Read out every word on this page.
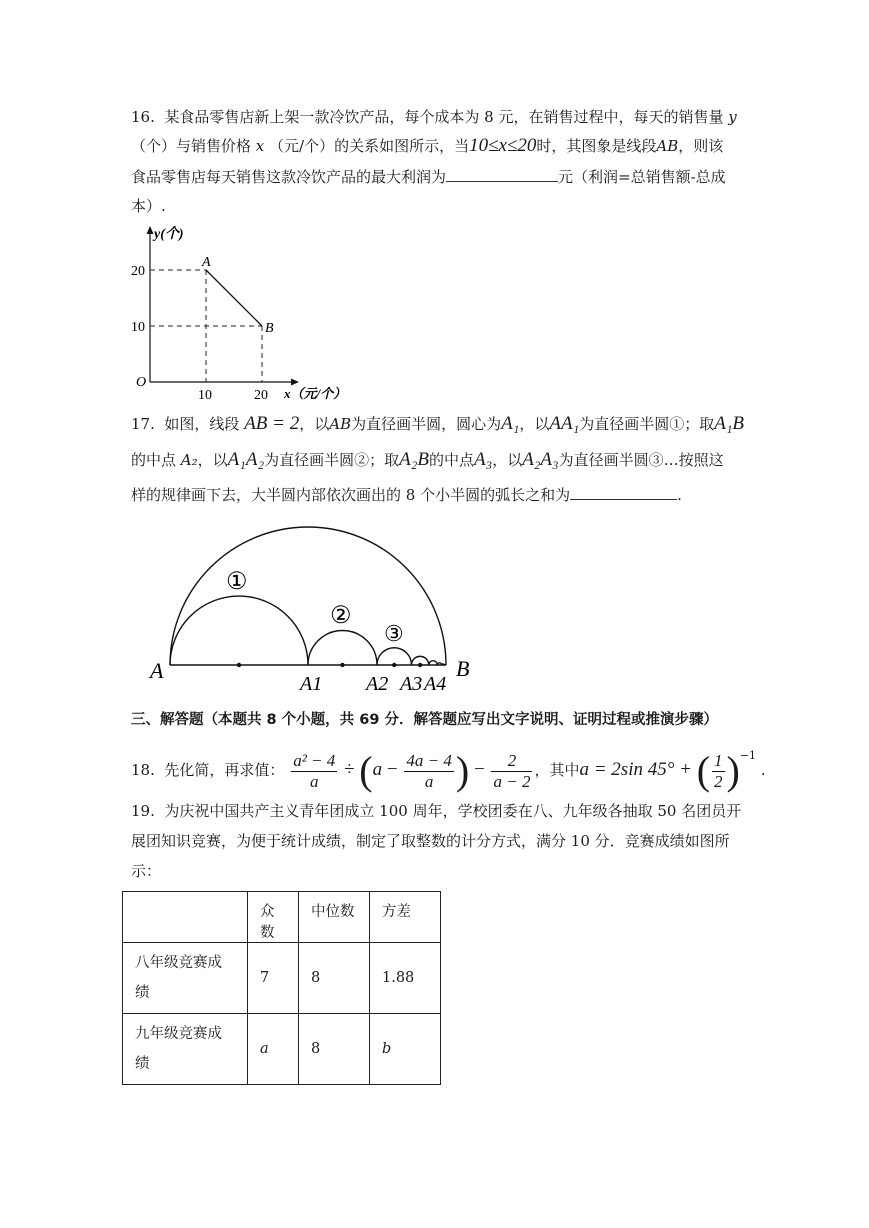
16. 某食品零售店新上架一款冷饮产品，每个成本为 8 元，在销售过程中，每天的销售量 y
（个）与销售价格 x （元/个）的关系如图所示，当10≤x≤20时，其图象是线段AB，则该
食品零售店每天销售这款冷饮产品的最大利润为	元（利润=总销售额-总成
本）.
y(个)
O
20
10
10	20
A
B
x（元/个）
17. 如图，线段 AB = 2，以AB为直径画半圆，圆心为A₁，以AA₁为直径画半圆①；取A₁B
的中点 A₂，以A₁A₂为直径画半圆②；取A₂B的中点A₃，以A₂A₃为直径画半圆③…按照这
样的规律画下去，大半圆内部依次画出的 8 个小半圆的弧长之和为	.
A	B
A1 A2 A3 A4
①
②
③
三、解答题（本题共 8 个小题，共 69 分．解答题应写出文字说明、证明过程或推演步骤）
18. 先化简，再求值： $\frac{\text{a² − 4}}{a} \div (a - \frac{4a - 4}{a}$ ) − $\frac{2}{a - 2}$ ，其中a = 2sin 45° + ( $\frac{1}{2} )^{-1}$ .
19. 为庆祝中国共产主义青年团成立 100 周年，学校团委在八、九年级各抽取 50 名团员开
展团知识竞赛，为便于统计成绩，制定了取整数的计分方式，满分 10 分．竞赛成绩如图所
示：
	众数	中位数	方差
八年级竞赛成绩	7	8	1.88
九年级竞赛成绩	a	8	b
